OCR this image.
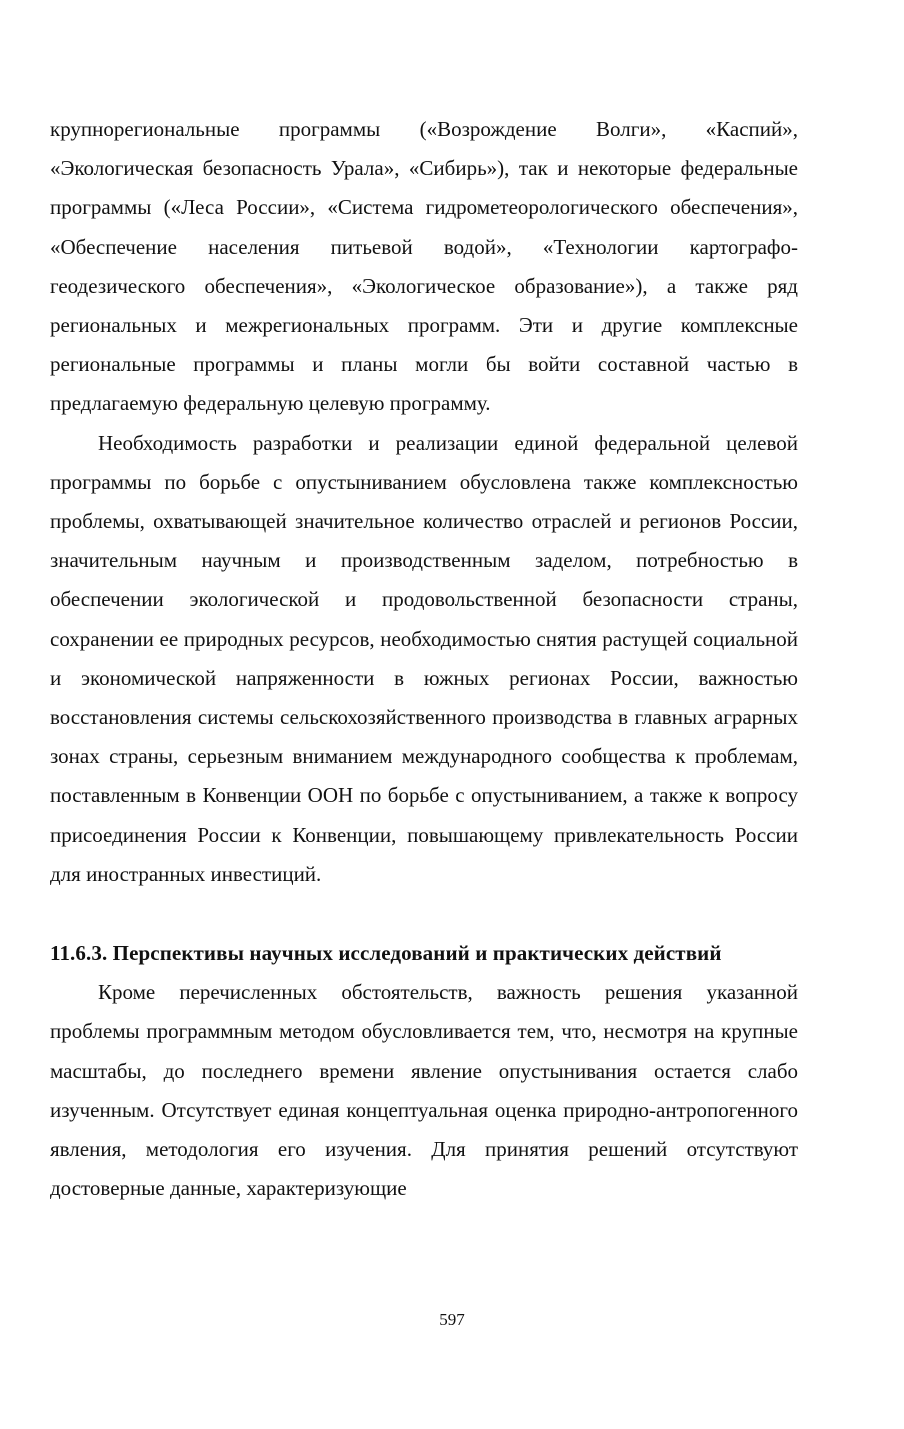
крупнорегиональные программы («Возрождение Волги», «Каспий», «Экологическая безопасность Урала», «Сибирь»), так и некоторые федеральные программы («Леса России», «Система гидрометеорологического обеспечения», «Обеспечение населения питьевой водой», «Технологии картографо-геодезического обеспечения», «Экологическое образование»), а также ряд региональных и межрегиональных программ. Эти и другие комплексные региональные программы и планы могли бы войти составной частью в предлагаемую федеральную целевую программу.

Необходимость разработки и реализации единой федеральной целевой программы по борьбе с опустыниванием обусловлена также комплексностью проблемы, охватывающей значительное количество отраслей и регионов России, значительным научным и производственным заделом, потребностью в обеспечении экологической и продовольственной безопасности страны, сохранении ее природных ресурсов, необходимостью снятия растущей социальной и экономической напряженности в южных регионах России, важностью восстановления системы сельскохозяйственного производства в главных аграрных зонах страны, серьезным вниманием международного сообщества к проблемам, поставленным в Конвенции ООН по борьбе с опустыниванием, а также к вопросу присоединения России к Конвенции, повышающему привлекательность России для иностранных инвестиций.

11.6.3. Перспективы научных исследований и практических действий

Кроме перечисленных обстоятельств, важность решения указанной проблемы программным методом обусловливается тем, что, несмотря на крупные масштабы, до последнего времени явление опустынивания остается слабо изученным. Отсутствует единая концептуальная оценка природно-антропогенного явления, методология его изучения. Для принятия решений отсутствуют достоверные данные, характеризующие

597
